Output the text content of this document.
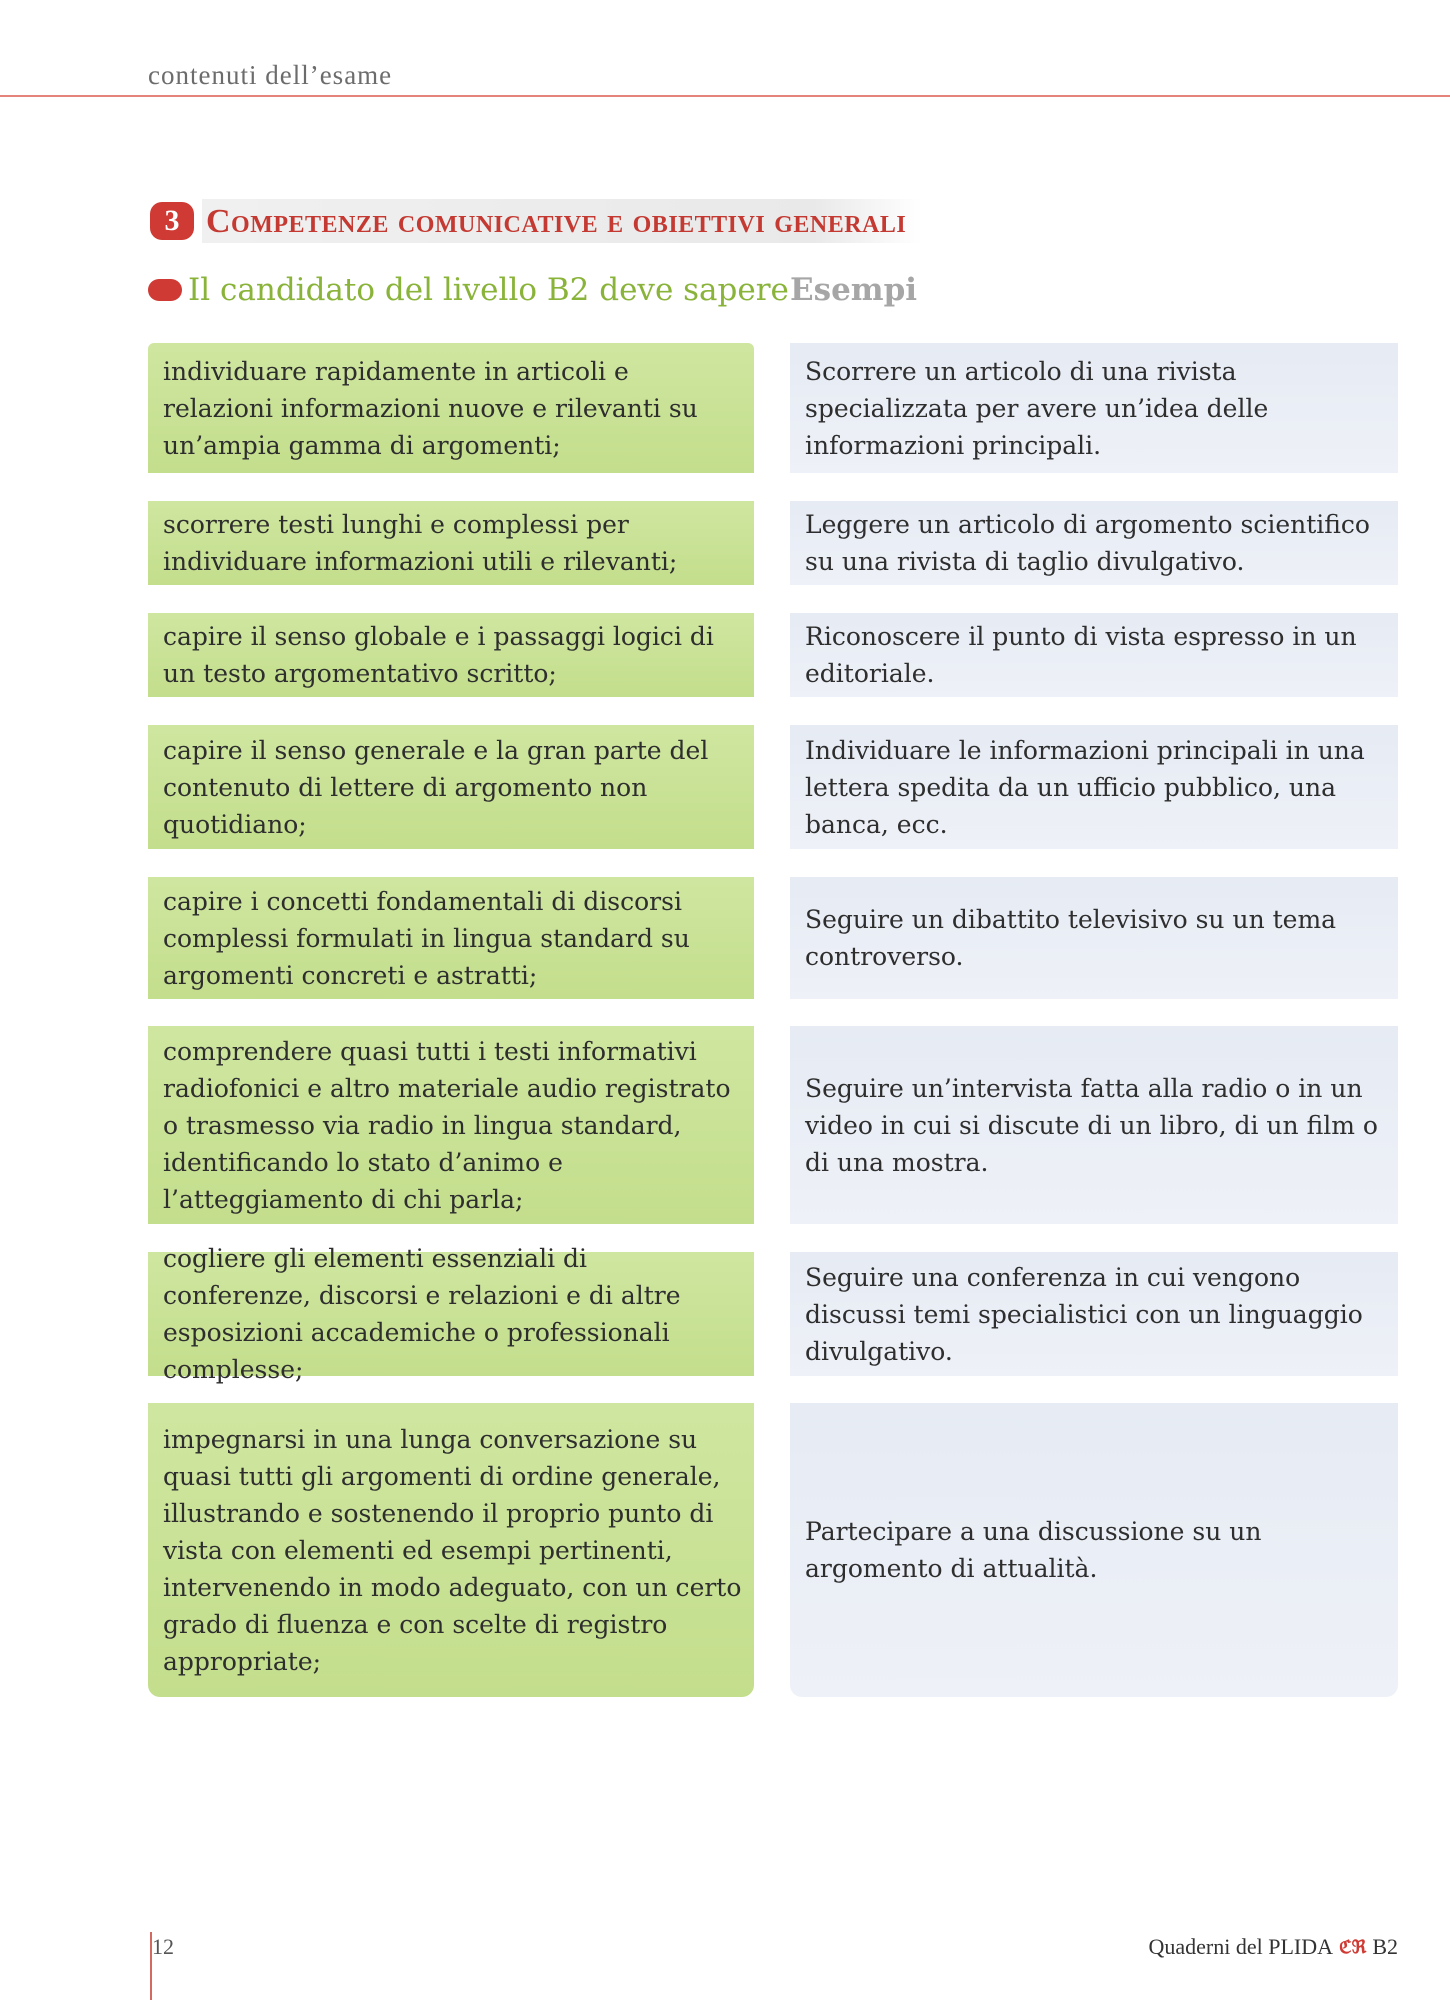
contenuti dell’esame
3 Competenze comunicative e obiettivi generali
Il candidato del livello B2 deve sapere Esempi
individuare rapidamente in articoli e relazioni informazioni nuove e rilevanti su un’ampia gamma di argomenti;
Scorrere un articolo di una rivista specializzata per avere un’idea delle informazioni principali.
scorrere testi lunghi e complessi per individuare informazioni utili e rilevanti;
Leggere un articolo di argomento scientifico su una rivista di taglio divulgativo.
capire il senso globale e i passaggi logici di un testo argomentativo scritto;
Riconoscere il punto di vista espresso in un editoriale.
capire il senso generale e la gran parte del contenuto di lettere di argomento non quotidiano;
Individuare le informazioni principali in una lettera spedita da un ufficio pubblico, una banca, ecc.
capire i concetti fondamentali di discorsi complessi formulati in lingua standard su argomenti concreti e astratti;
Seguire un dibattito televisivo su un tema controverso.
comprendere quasi tutti i testi informativi radiofonici e altro materiale audio registrato o trasmesso via radio in lingua standard, identificando lo stato d’animo e l’atteggiamento di chi parla;
Seguire un’intervista fatta alla radio o in un video in cui si discute di un libro, di un film o di una mostra.
cogliere gli elementi essenziali di conferenze, discorsi e relazioni e di altre esposizioni accademiche o professionali complesse;
Seguire una conferenza in cui vengono discussi temi specialistici con un linguaggio divulgativo.
impegnarsi in una lunga conversazione su quasi tutti gli argomenti di ordine generale, illustrando e sostenendo il proprio punto di vista con elementi ed esempi pertinenti, intervenendo in modo adeguato, con un certo grado di fluenza e con scelte di registro appropriate;
Partecipare a una discussione su un argomento di attualità.
12	Quaderni del PLIDA ℭℜ B2
